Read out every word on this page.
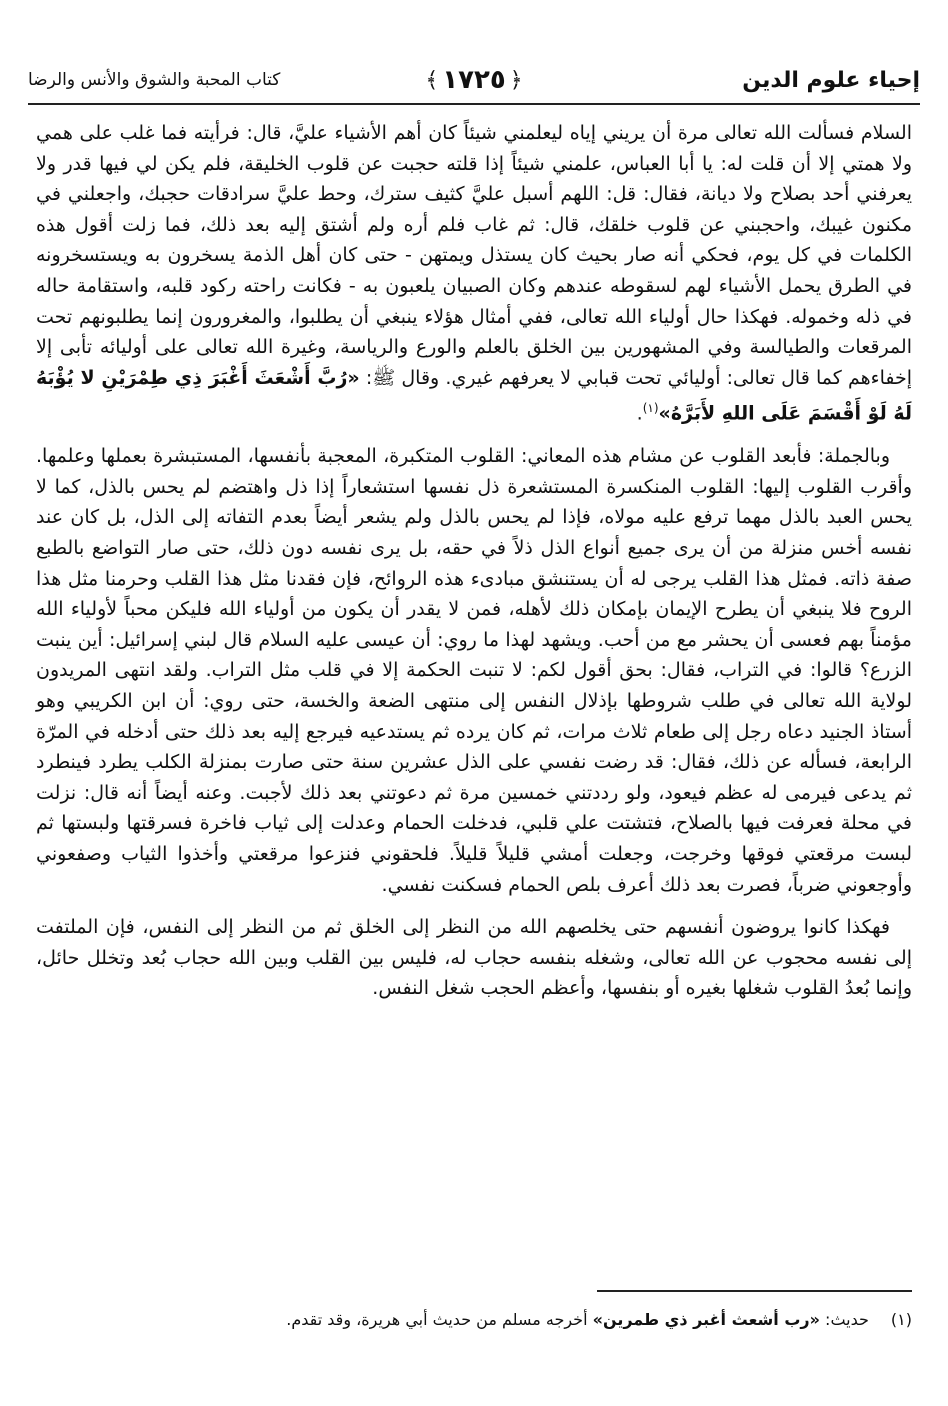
إحياء علوم الدين
﴿
١٧٢٥
﴾
كتاب المحبة والشوق والأنس والرضا

السلام فسألت الله تعالى مرة أن يريني إياه ليعلمني شيئاً كان أهم الأشياء عليَّ، قال: فرأيته فما غلب على همي ولا همتي إلا أن قلت له: يا أبا العباس، علمني شيئاً إذا قلته حجبت عن قلوب الخليقة، فلم يكن لي فيها قدر ولا يعرفني أحد بصلاح ولا ديانة، فقال: قل: اللهم أسبل عليَّ كثيف سترك، وحط عليَّ سرادقات حجبك، واجعلني في مكنون غيبك، واحجبني عن قلوب خلقك، قال: ثم غاب فلم أره ولم أشتق إليه بعد ذلك، فما زلت أقول هذه الكلمات في كل يوم، فحكي أنه صار بحيث كان يستذل ويمتهن - حتى كان أهل الذمة يسخرون به ويستسخرونه في الطرق يحمل الأشياء لهم لسقوطه عندهم وكان الصبيان يلعبون به - فكانت راحته ركود قلبه، واستقامة حاله في ذله وخموله. فهكذا حال أولياء الله تعالى، ففي أمثال هؤلاء ينبغي أن يطلبوا، والمغرورون إنما يطلبونهم تحت المرقعات والطيالسة وفي المشهورين بين الخلق بالعلم والورع والرياسة، وغيرة الله تعالى على أوليائه تأبى إلا إخفاءهم كما قال تعالى: أوليائي تحت قبابي لا يعرفهم غيري. وقال ﷺ: «رُبَّ أَشْعَثَ أَغْبَرَ ذِي طِمْرَيْنِ لا يُؤْبَهُ لَهُ لَوْ أَقْسَمَ عَلَى اللهِ لأَبَرَّهُ»$^{(١)}$.

وبالجملة: فأبعد القلوب عن مشام هذه المعاني: القلوب المتكبرة، المعجبة بأنفسها، المستبشرة بعملها وعلمها. وأقرب القلوب إليها: القلوب المنكسرة المستشعرة ذل نفسها استشعاراً إذا ذل واهتضم لم يحس بالذل، كما لا يحس العبد بالذل مهما ترفع عليه مولاه، فإذا لم يحس بالذل ولم يشعر أيضاً بعدم التفاته إلى الذل، بل كان عند نفسه أخس منزلة من أن يرى جميع أنواع الذل ذلاً في حقه، بل يرى نفسه دون ذلك، حتى صار التواضع بالطبع صفة ذاته. فمثل هذا القلب يرجى له أن يستنشق مبادىء هذه الروائح، فإن فقدنا مثل هذا القلب وحرمنا مثل هذا الروح فلا ينبغي أن يطرح الإيمان بإمكان ذلك لأهله، فمن لا يقدر أن يكون من أولياء الله فليكن محباً لأولياء الله مؤمناً بهم فعسى أن يحشر مع من أحب. ويشهد لهذا ما روي: أن عيسى عليه السلام قال لبني إسرائيل: أين ينبت الزرع؟ قالوا: في التراب، فقال: بحق أقول لكم: لا تنبت الحكمة إلا في قلب مثل التراب. ولقد انتهى المريدون لولاية الله تعالى في طلب شروطها بإذلال النفس إلى منتهى الضعة والخسة، حتى روي: أن ابن الكريبي وهو أستاذ الجنيد دعاه رجل إلى طعام ثلاث مرات، ثم كان يرده ثم يستدعيه فيرجع إليه بعد ذلك حتى أدخله في المرّة الرابعة، فسأله عن ذلك، فقال: قد رضت نفسي على الذل عشرين سنة حتى صارت بمنزلة الكلب يطرد فينطرد ثم يدعى فيرمى له عظم فيعود، ولو رددتني خمسين مرة ثم دعوتني بعد ذلك لأجبت. وعنه أيضاً أنه قال: نزلت في محلة فعرفت فيها بالصلاح، فتشتت علي قلبي، فدخلت الحمام وعدلت إلى ثياب فاخرة فسرقتها ولبستها ثم لبست مرقعتي فوقها وخرجت، وجعلت أمشي قليلاً قليلاً. فلحقوني فنزعوا مرقعتي وأخذوا الثياب وصفعوني وأوجعوني ضرباً، فصرت بعد ذلك أعرف بلص الحمام فسكنت نفسي.

فهكذا كانوا يروضون أنفسهم حتى يخلصهم الله من النظر إلى الخلق ثم من النظر إلى النفس، فإن الملتفت إلى نفسه محجوب عن الله تعالى، وشغله بنفسه حجاب له، فليس بين القلب وبين الله حجاب بُعد وتخلل حائل، وإنما بُعدُ القلوب شغلها بغيره أو بنفسها، وأعظم الحجب شغل النفس.

(١)حديث: «رب أشعث أغبر ذي طمرين» أخرجه مسلم من حديث أبي هريرة، وقد تقدم.
